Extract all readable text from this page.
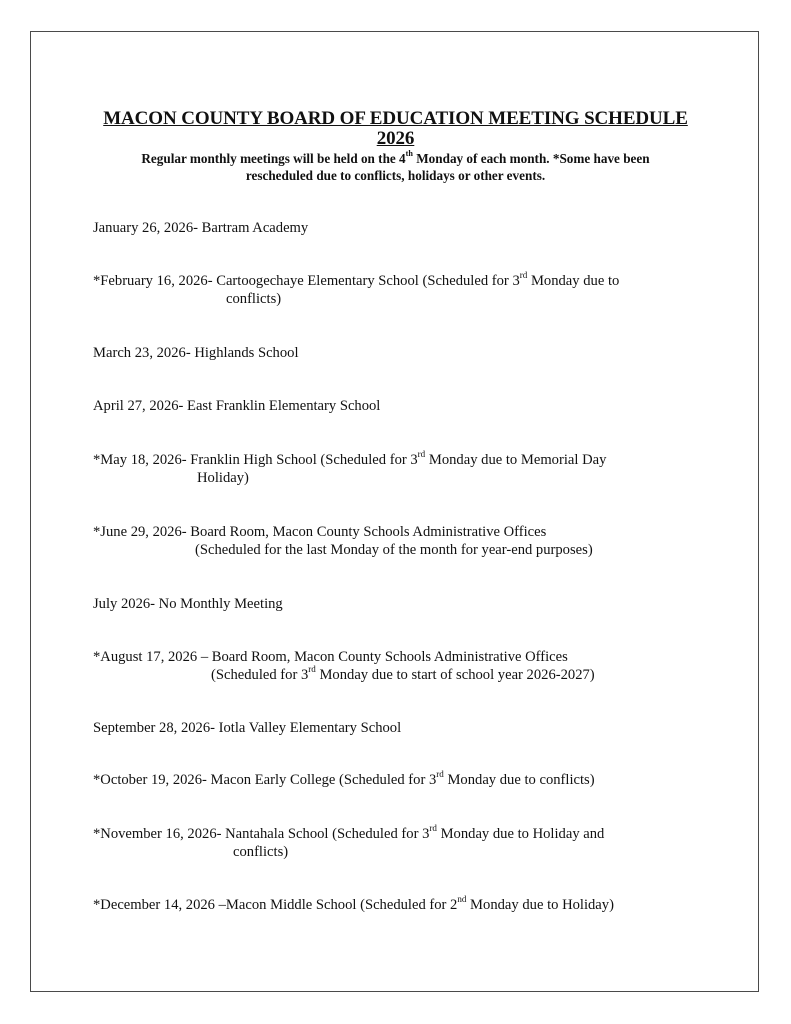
MACON COUNTY BOARD OF EDUCATION MEETING SCHEDULE
2026
Regular monthly meetings will be held on the 4th Monday of each month. *Some have been
rescheduled due to conflicts, holidays or other events.
January 26, 2026- Bartram Academy
*February 16, 2026- Cartoogechaye Elementary School (Scheduled for 3rd Monday due to
conflicts)
March 23, 2026- Highlands School
April 27, 2026- East Franklin Elementary School
*May 18, 2026- Franklin High School (Scheduled for 3rd Monday due to Memorial Day
Holiday)
*June 29, 2026- Board Room, Macon County Schools Administrative Offices
(Scheduled for the last Monday of the month for year-end purposes)
July 2026- No Monthly Meeting
*August 17, 2026 – Board Room, Macon County Schools Administrative Offices
(Scheduled for 3rd Monday due to start of school year 2026-2027)
September 28, 2026- Iotla Valley Elementary School
*October 19, 2026- Macon Early College (Scheduled for 3rd Monday due to conflicts)
*November 16, 2026- Nantahala School (Scheduled for 3rd Monday due to Holiday and
conflicts)
*December 14, 2026 –Macon Middle School (Scheduled for 2nd Monday due to Holiday)
